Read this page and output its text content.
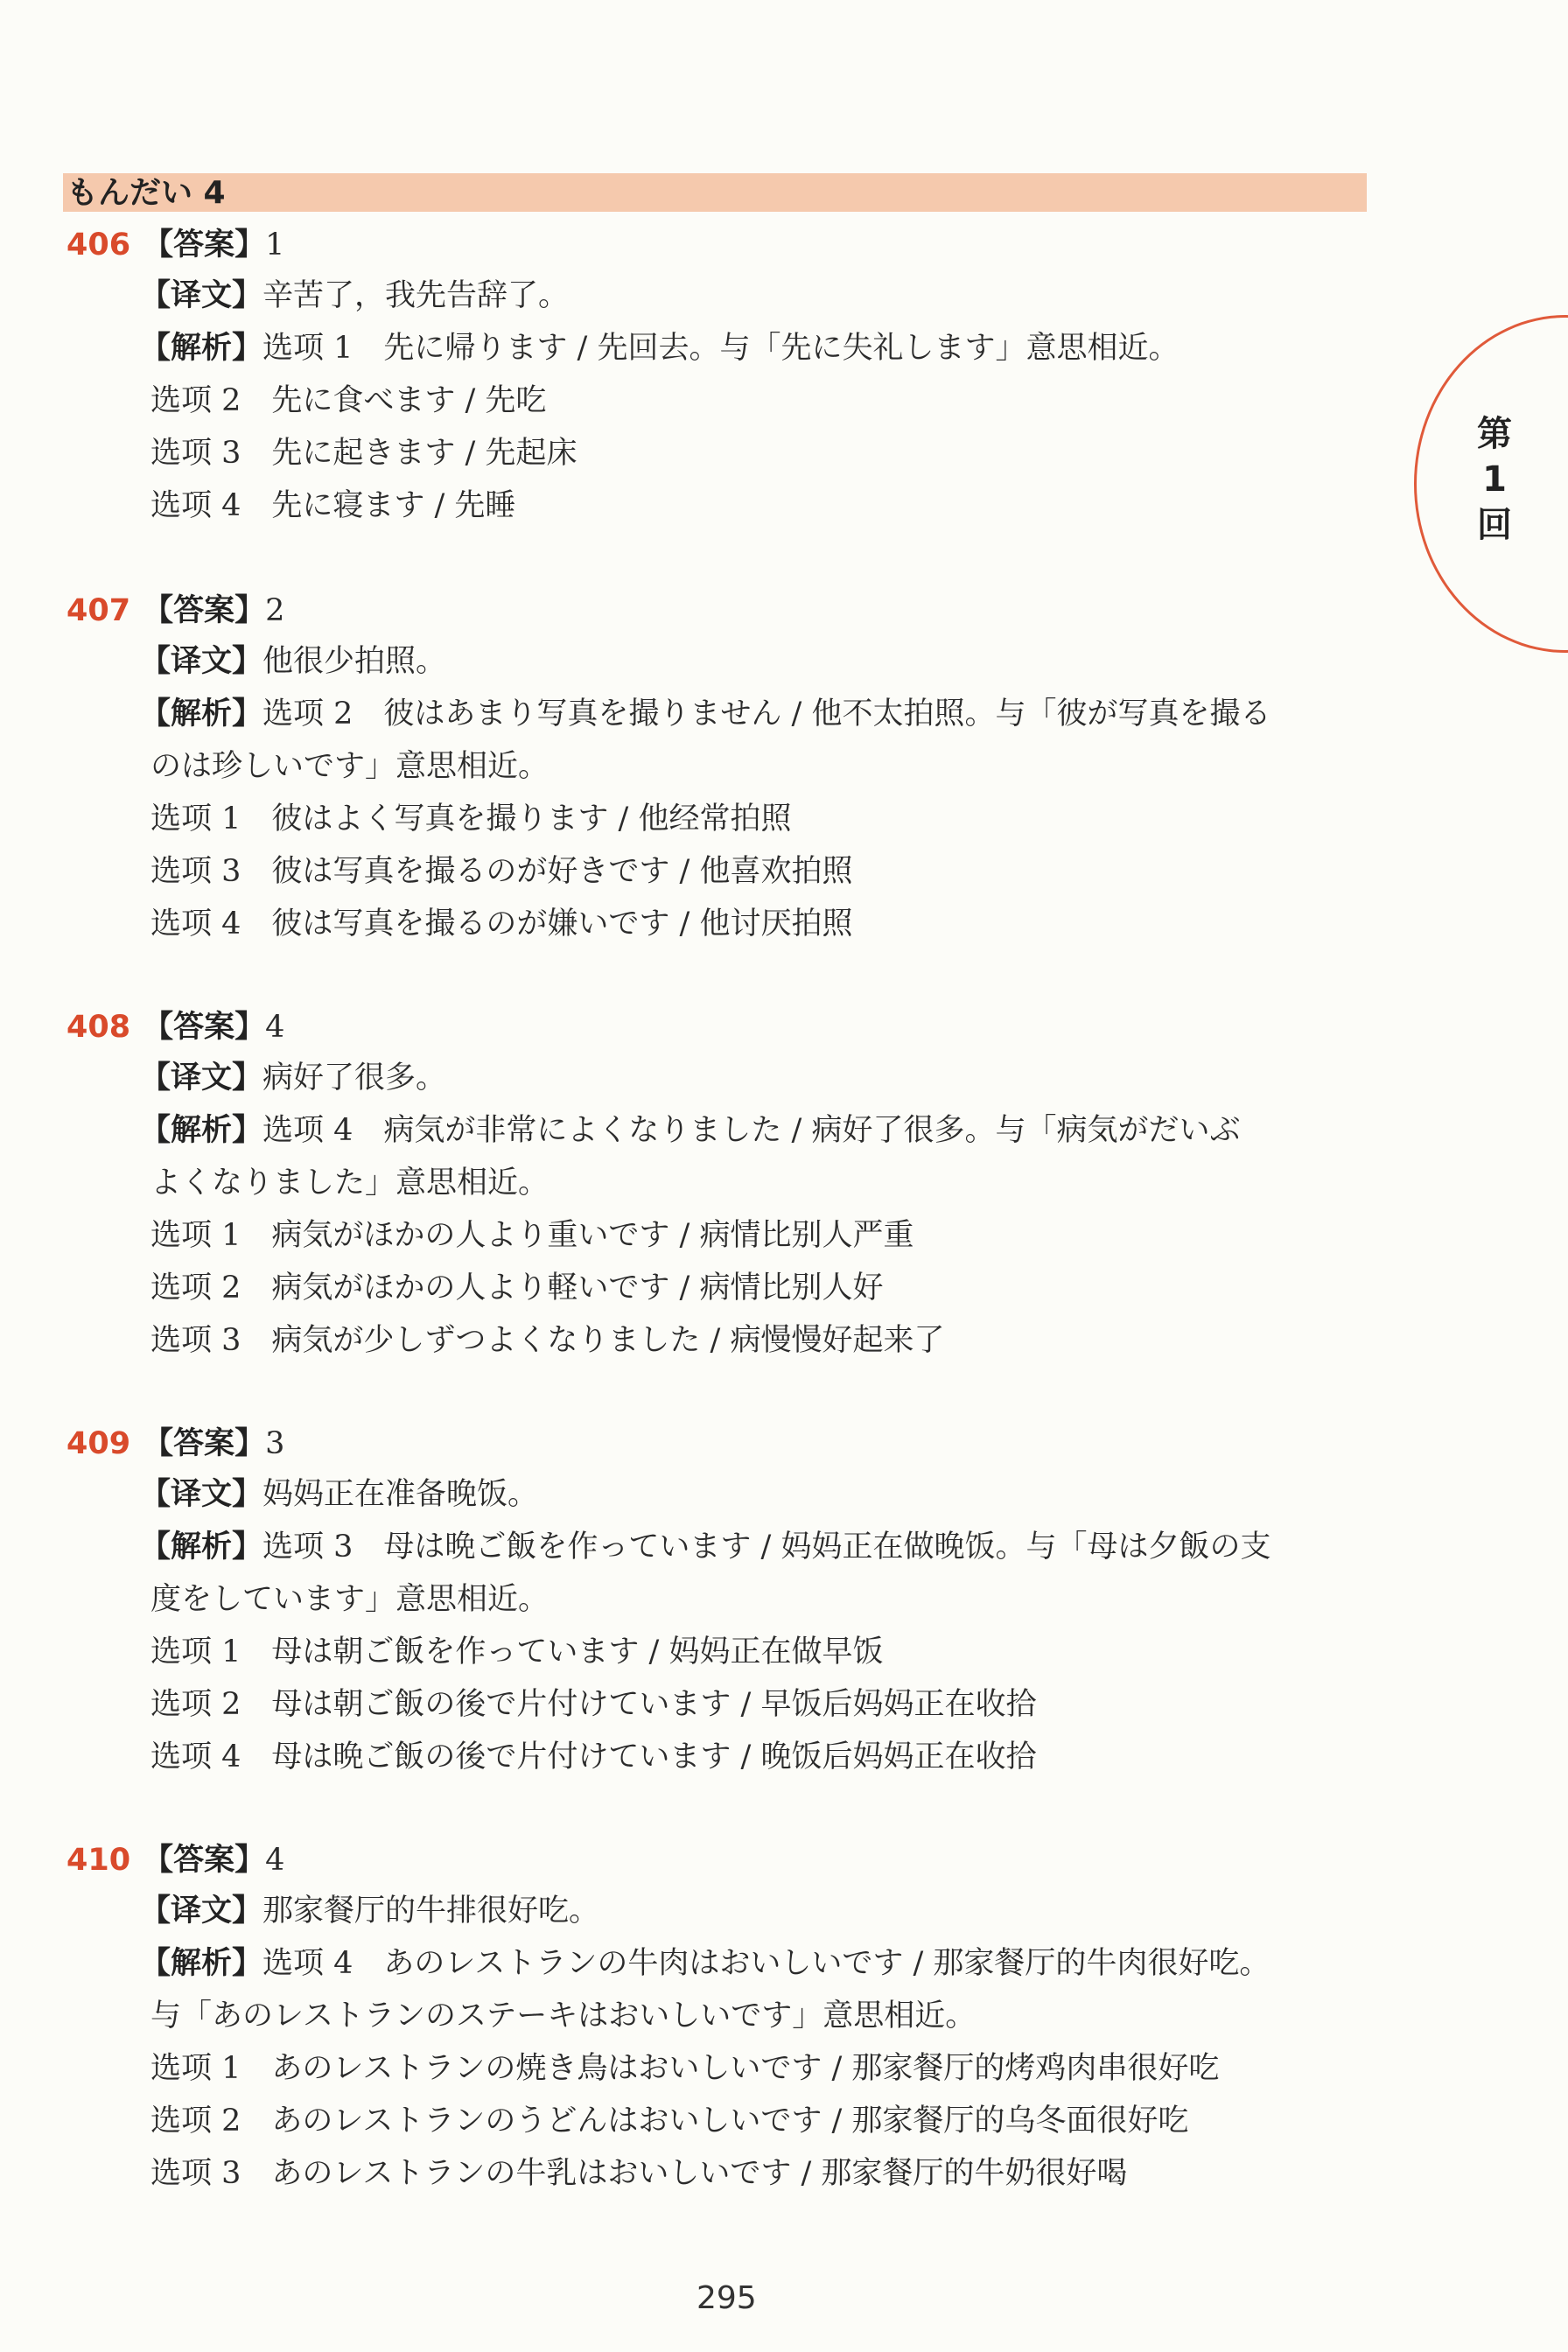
もんだい 4
第
1
回
406 【答案】1
【译文】辛苦了，我先告辞了。
【解析】选项 1　先に帰ります / 先回去。与「先に失礼します」意思相近。
选项 2　先に食べます / 先吃
选项 3　先に起きます / 先起床
选项 4　先に寝ます / 先睡
407 【答案】2
【译文】他很少拍照。
【解析】选项 2　彼はあまり写真を撮りません / 他不太拍照。与「彼が写真を撮る
のは珍しいです」意思相近。
选项 1　彼はよく写真を撮ります / 他经常拍照
选项 3　彼は写真を撮るのが好きです / 他喜欢拍照
选项 4　彼は写真を撮るのが嫌いです / 他讨厌拍照
408 【答案】4
【译文】病好了很多。
【解析】选项 4　病気が非常によくなりました / 病好了很多。与「病気がだいぶ
よくなりました」意思相近。
选项 1　病気がほかの人より重いです / 病情比别人严重
选项 2　病気がほかの人より軽いです / 病情比别人好
选项 3　病気が少しずつよくなりました / 病慢慢好起来了
409 【答案】3
【译文】妈妈正在准备晚饭。
【解析】选项 3　母は晩ご飯を作っています / 妈妈正在做晚饭。与「母は夕飯の支
度をしています」意思相近。
选项 1　母は朝ご飯を作っています / 妈妈正在做早饭
选项 2　母は朝ご飯の後で片付けています / 早饭后妈妈正在收拾
选项 4　母は晩ご飯の後で片付けています / 晚饭后妈妈正在收拾
410 【答案】4
【译文】那家餐厅的牛排很好吃。
【解析】选项 4　あのレストランの牛肉はおいしいです / 那家餐厅的牛肉很好吃。
与「あのレストランのステーキはおいしいです」意思相近。
选项 1　あのレストランの焼き鳥はおいしいです / 那家餐厅的烤鸡肉串很好吃
选项 2　あのレストランのうどんはおいしいです / 那家餐厅的乌冬面很好吃
选项 3　あのレストランの牛乳はおいしいです / 那家餐厅的牛奶很好喝
295
